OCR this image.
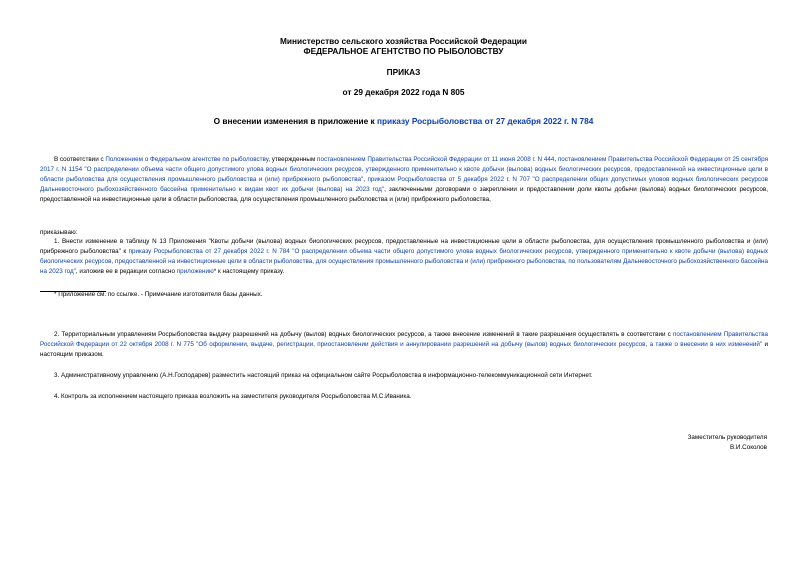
Министерство сельского хозяйства Российской Федерации
ФЕДЕРАЛЬНОЕ АГЕНТСТВО ПО РЫБОЛОВСТВУ
ПРИКАЗ
от 29 декабря 2022 года N 805
О внесении изменения в приложение к приказу Росрыболовства от 27 декабря 2022 г. N 784
В соответствии с Положением о Федеральном агентстве по рыболовству, утвержденным постановлением Правительства Российской Федерации от 11 июня 2008 г. N 444, постановлением Правительства Российской Федерации от 25 сентября 2017 г. N 1154 "О распределении объема части общего допустимого улова водных биологических ресурсов, утвержденного применительно к квоте добычи (вылова) водных биологических ресурсов, предоставленной на инвестиционные цели в области рыболовства для осуществления промышленного рыболовства и (или) прибрежного рыболовства", приказом Росрыболовства от 5 декабря 2022 г. N 707 "О распределении общих допустимых уловов водных биологических ресурсов Дальневосточного рыбохозяйственного бассейна применительно к видам квот их добычи (вылова) на 2023 год", заключенными договорами о закреплении и предоставлении доли квоты добычи (вылова) водных биологических ресурсов, предоставленной на инвестиционные цели в области рыболовства, для осуществления промышленного рыболовства и (или) прибрежного рыболовства,
приказываю:
1. Внести изменение в таблицу N 13 Приложения "Квоты добычи (вылова) водных биологических ресурсов, предоставленные на инвестиционные цели в области рыболовства, для осуществления промышленного рыболовства и (или) прибрежного рыболовства" к приказу Росрыболовства от 27 декабря 2022 г. N 784 "О распределении объема части общего допустимого улова водных биологических ресурсов, утвержденного применительно к квоте добычи (вылова) водных биологических ресурсов, предоставленной на инвестиционные цели в области рыболовства, для осуществления промышленного рыболовства и (или) прибрежного рыболовства, по пользователям Дальневосточного рыбохозяйственного бассейна на 2023 год", изложив ее в редакции согласно приложению* к настоящему приказу.
* Приложение см. по ссылке. - Примечание изготовителя базы данных.
2. Территориальным управлениям Росрыболовства выдачу разрешений на добычу (вылов) водных биологических ресурсов, а также внесение изменений в такие разрешения осуществлять в соответствии с постановлением Правительства Российской Федерации от 22 октября 2008 г. N 775 "Об оформлении, выдаче, регистрации, приостановлении действия и аннулировании разрешений на добычу (вылов) водных биологических ресурсов, а также о внесении в них изменений" и настоящим приказом.
3. Административному управлению (А.Н.Господарев) разместить настоящий приказ на официальном сайте Росрыболовства в информационно-телекоммуникационной сети Интернет.
4. Контроль за исполнением настоящего приказа возложить на заместителя руководителя Росрыболовства М.С.Иваника.
Заместитель руководителя
В.И.Соколов
